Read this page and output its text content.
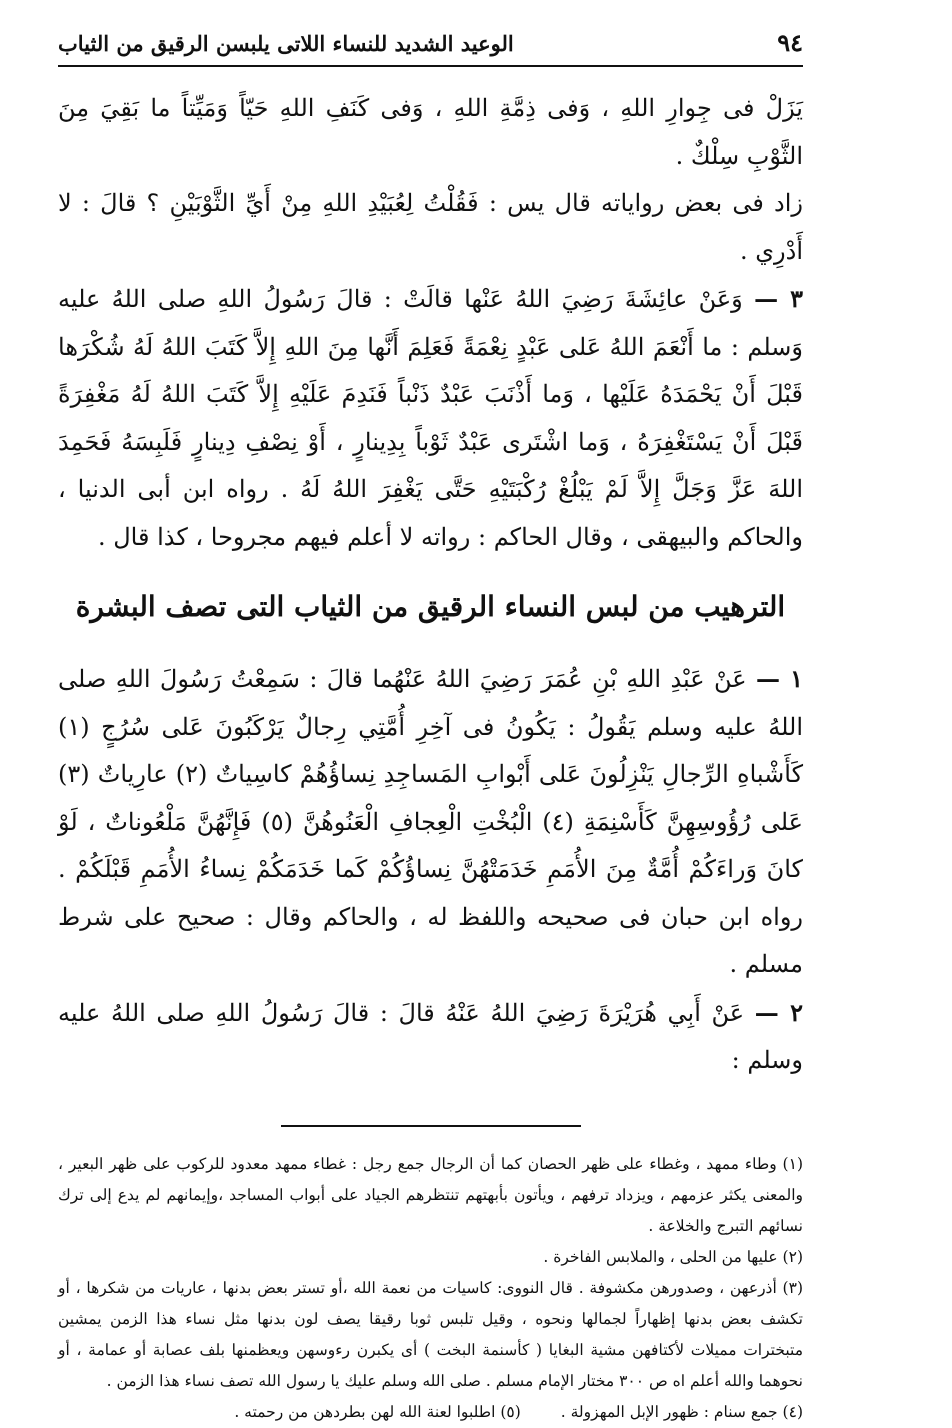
٩٤
الوعيد الشديد للنساء اللاتى يلبسن الرقيق من الثياب

يَزَلْ فى جِوارِ اللهِ ، وَفى ذِمَّةِ اللهِ ، وَفى كَنَفِ اللهِ حَيّاً وَمَيِّتاً ما بَقِيَ مِنَ الثَّوْبِ سِلْكٌ .

زاد فى بعض رواياته قال يس : فَقُلْتُ لِعُبَيْدِ اللهِ مِنْ أَيِّ الثَّوْبَيْنِ ؟ قالَ : لا أَدْرِي .

٣ — وَعَنْ عائِشَةَ رَضِيَ اللهُ عَنْها قالَتْ : قالَ رَسُولُ اللهِ صلى اللهُ عليه وَسلم : ما أَنْعَمَ اللهُ عَلى عَبْدٍ نِعْمَةً فَعَلِمَ أَنَّها مِنَ اللهِ إِلاَّ كَتَبَ اللهُ لَهُ شُكْرَها قَبْلَ أَنْ يَحْمَدَهُ عَلَيْها ، وَما أَذْنَبَ عَبْدٌ ذَنْباً فَنَدِمَ عَلَيْهِ إِلاَّ كَتَبَ اللهُ لَهُ مَغْفِرَةً قَبْلَ أَنْ يَسْتَغْفِرَهُ ، وَما اشْتَرى عَبْدٌ ثَوْباً بِدِينارٍ ، أَوْ نِصْفِ دِينارٍ فَلَبِسَهُ فَحَمِدَ اللهَ عَزَّ وَجَلَّ إِلاَّ لَمْ يَبْلُغْ رُكْبَتَيْهِ حَتَّى يَغْفِرَ اللهُ لَهُ . رواه ابن أبى الدنيا ، والحاكم والبيهقى ، وقال الحاكم : رواته لا أعلم فيهم مجروحا ، كذا قال .

الترهيب من لبس النساء الرقيق من الثياب التى تصف البشرة

١ — عَنْ عَبْدِ اللهِ بْنِ عُمَرَ رَضِيَ اللهُ عَنْهُما قالَ : سَمِعْتُ رَسُولَ اللهِ صلى اللهُ عليه وسلم يَقُولُ : يَكُونُ فى آخِرِ أُمَّتِي رِجالٌ يَرْكَبُونَ عَلى سُرُجٍ (١) كَأَشْباهِ الرِّجالِ يَنْزِلُونَ عَلى أَبْوابِ المَساجِدِ نِساؤُهُمْ كاسِياتٌ (٢) عارِياتٌ (٣) عَلى رُؤُوسِهِنَّ كَأَسْنِمَةِ (٤) الْبُخْتِ الْعِجافِ الْعَنُوهُنَّ (٥) فَإِنَّهُنَّ مَلْعُوناتٌ ، لَوْ كانَ وَراءَكُمْ أُمَّةٌ مِنَ الأُمَمِ خَدَمَتْهُنَّ نِساؤُكُمْ كَما خَدَمَكُمْ نِساءُ الأُمَمِ قَبْلَكُمْ . رواه ابن حبان فى صحيحه واللفظ له ، والحاكم وقال : صحيح على شرط مسلم .

٢ — عَنْ أَبِي هُرَيْرَةَ رَضِيَ اللهُ عَنْهُ قالَ : قالَ رَسُولُ اللهِ صلى اللهُ عليه وسلم :

(١) وطاء ممهد ، وغطاء على ظهر الحصان كما أن الرجال جمع رجل : غطاء ممهد معدود للركوب على ظهر البعير ، والمعنى يكثر عزمهم ، ويزداد ترفهم ، ويأتون بأبهتهم تنتظرهم الجياد على أبواب المساجد ،وإيمانهم لم يدع إلى ترك نسائهم التبرج والخلاعة .

(٢) عليها من الحلى ، والملابس الفاخرة .

(٣) أذرعهن ، وصدورهن مكشوفة . قال النووى: كاسيات من نعمة الله ،أو تستر بعض بدنها ، عاريات من شكرها ، أو تكشف بعض بدنها إظهاراً لجمالها ونحوه ، وقيل تلبس ثوبا رقيقا يصف لون بدنها مثل نساء هذا الزمن يمشين متبخترات مميلات لأكتافهن مشية البغايا ( كأسنمة البخت ) أى يكبرن رءوسهن ويعظمنها بلف عصابة أو عمامة ، أو نحوهما والله أعلم اه ص ٣٠٠ مختار الإمام مسلم . صلى الله وسلم عليك يا رسول الله تصف نساء هذا الزمن .

(٤) جمع سنام : ظهور الإبل المهزولة .

(٥) اطلبوا لعنة الله لهن بطردهن من رحمته .
